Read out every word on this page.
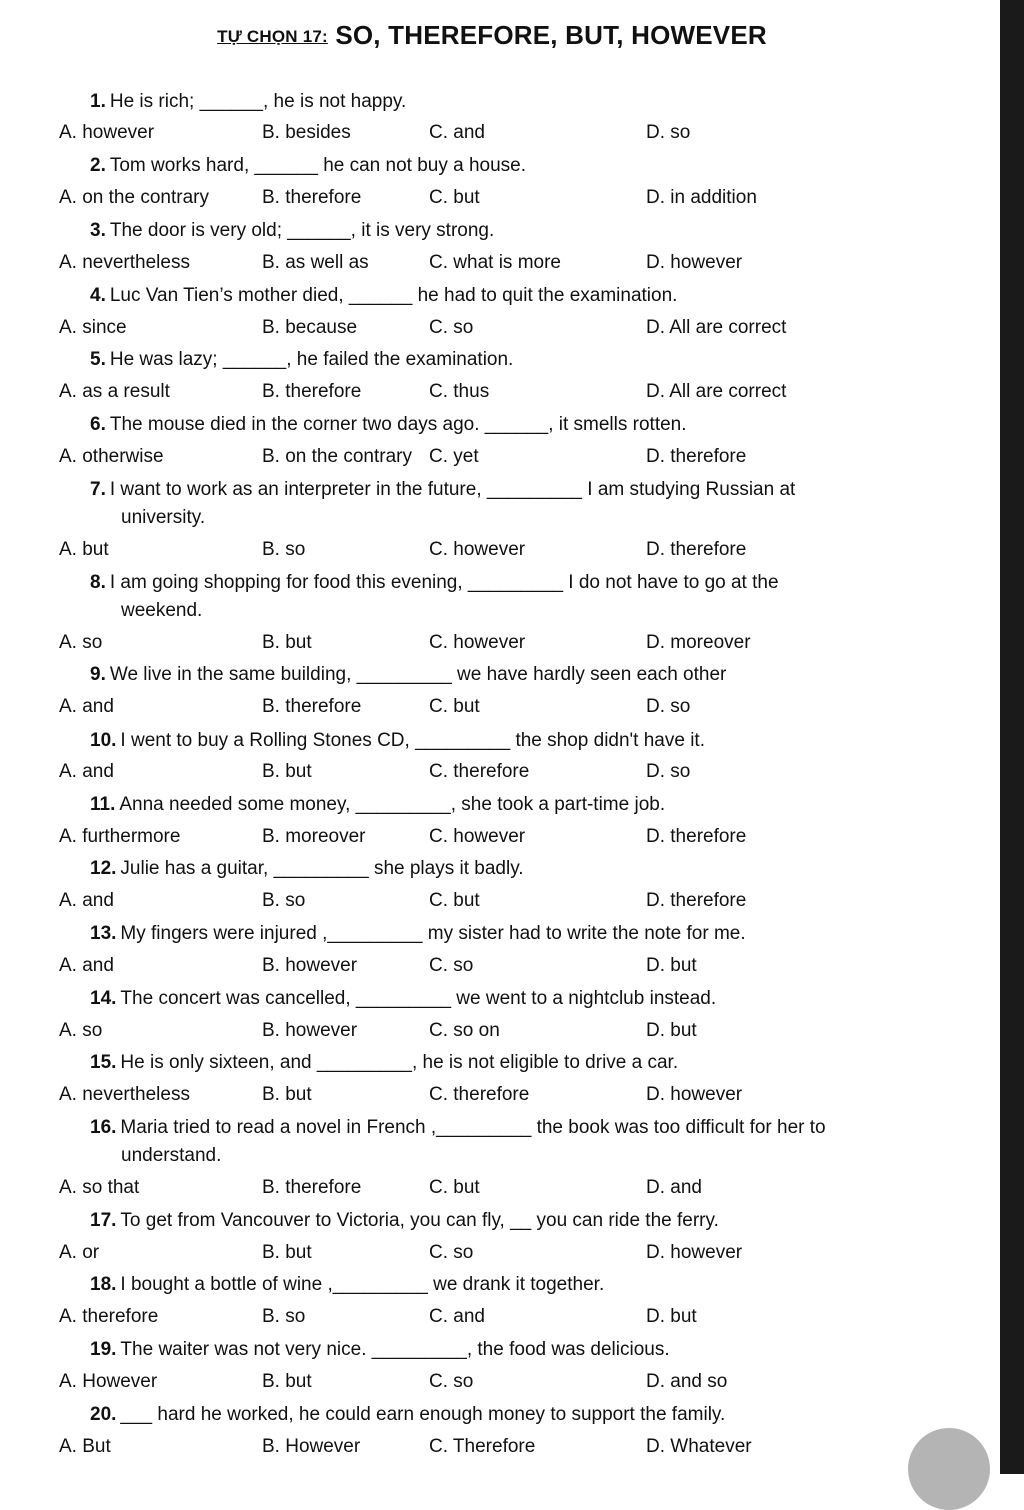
TỰ CHỌN 17: SO, THEREFORE, BUT, HOWEVER
1. He is rich; ______, he is not happy.
A. however	B. besides	C. and	D. so
2. Tom works hard, ______ he can not buy a house.
A. on the contrary	B. therefore	C. but	D. in addition
3. The door is very old; ______, it is very strong.
A. nevertheless	B. as well as	C. what is more	D. however
4. Luc Van Tien’s mother died, ______ he had to quit the examination.
A. since	B. because	C. so	D. All are correct
5. He was lazy; ______, he failed the examination.
A. as a result	B. therefore	C. thus	D. All are correct
6. The mouse died in the corner two days ago. ______, it smells rotten.
A. otherwise	B. on the contrary C. yet	D. therefore
7. I want to work as an interpreter in the future, _________ I am studying Russian at
university.
A. but	B. so	C. however	D. therefore
8. I am going shopping for food this evening, _________ I do not have to go at the
weekend.
A. so	B. but	C. however	D. moreover
9. We live in the same building, _________ we have hardly seen each other
A. and	B. therefore	C. but	D. so
10. I went to buy a Rolling Stones CD, _________ the shop didn't have it.
A. and	B. but	C. therefore	D. so
11. Anna needed some money, _________, she took a part-time job.
A. furthermore	B. moreover	C. however	D. therefore
12. Julie has a guitar, _________ she plays it badly.
A. and	B. so	C. but	D. therefore
13. My fingers were injured ,_________ my sister had to write the note for me.
A. and	B. however	C. so	D. but
14. The concert was cancelled, _________ we went to a nightclub instead.
A. so	B. however	C. so on	D. but
15. He is only sixteen, and _________, he is not eligible to drive a car.
A. nevertheless	B. but	C. therefore	D. however
16. Maria tried to read a novel in French ,_________ the book was too difficult for her to
understand.
A. so that	B. therefore	C. but	D. and
17. To get from Vancouver to Victoria, you can fly, __ you can ride the ferry.
A. or	B. but	C. so	D. however
18. I bought a bottle of wine ,_________ we drank it together.
A. therefore	B. so	C. and	D. but
19. The waiter was not very nice. _________, the food was delicious.
A. However	B. but	C. so	D. and so
20. ___ hard he worked, he could earn enough money to support the family.
A. But	B. However	C. Therefore	D. Whatever
